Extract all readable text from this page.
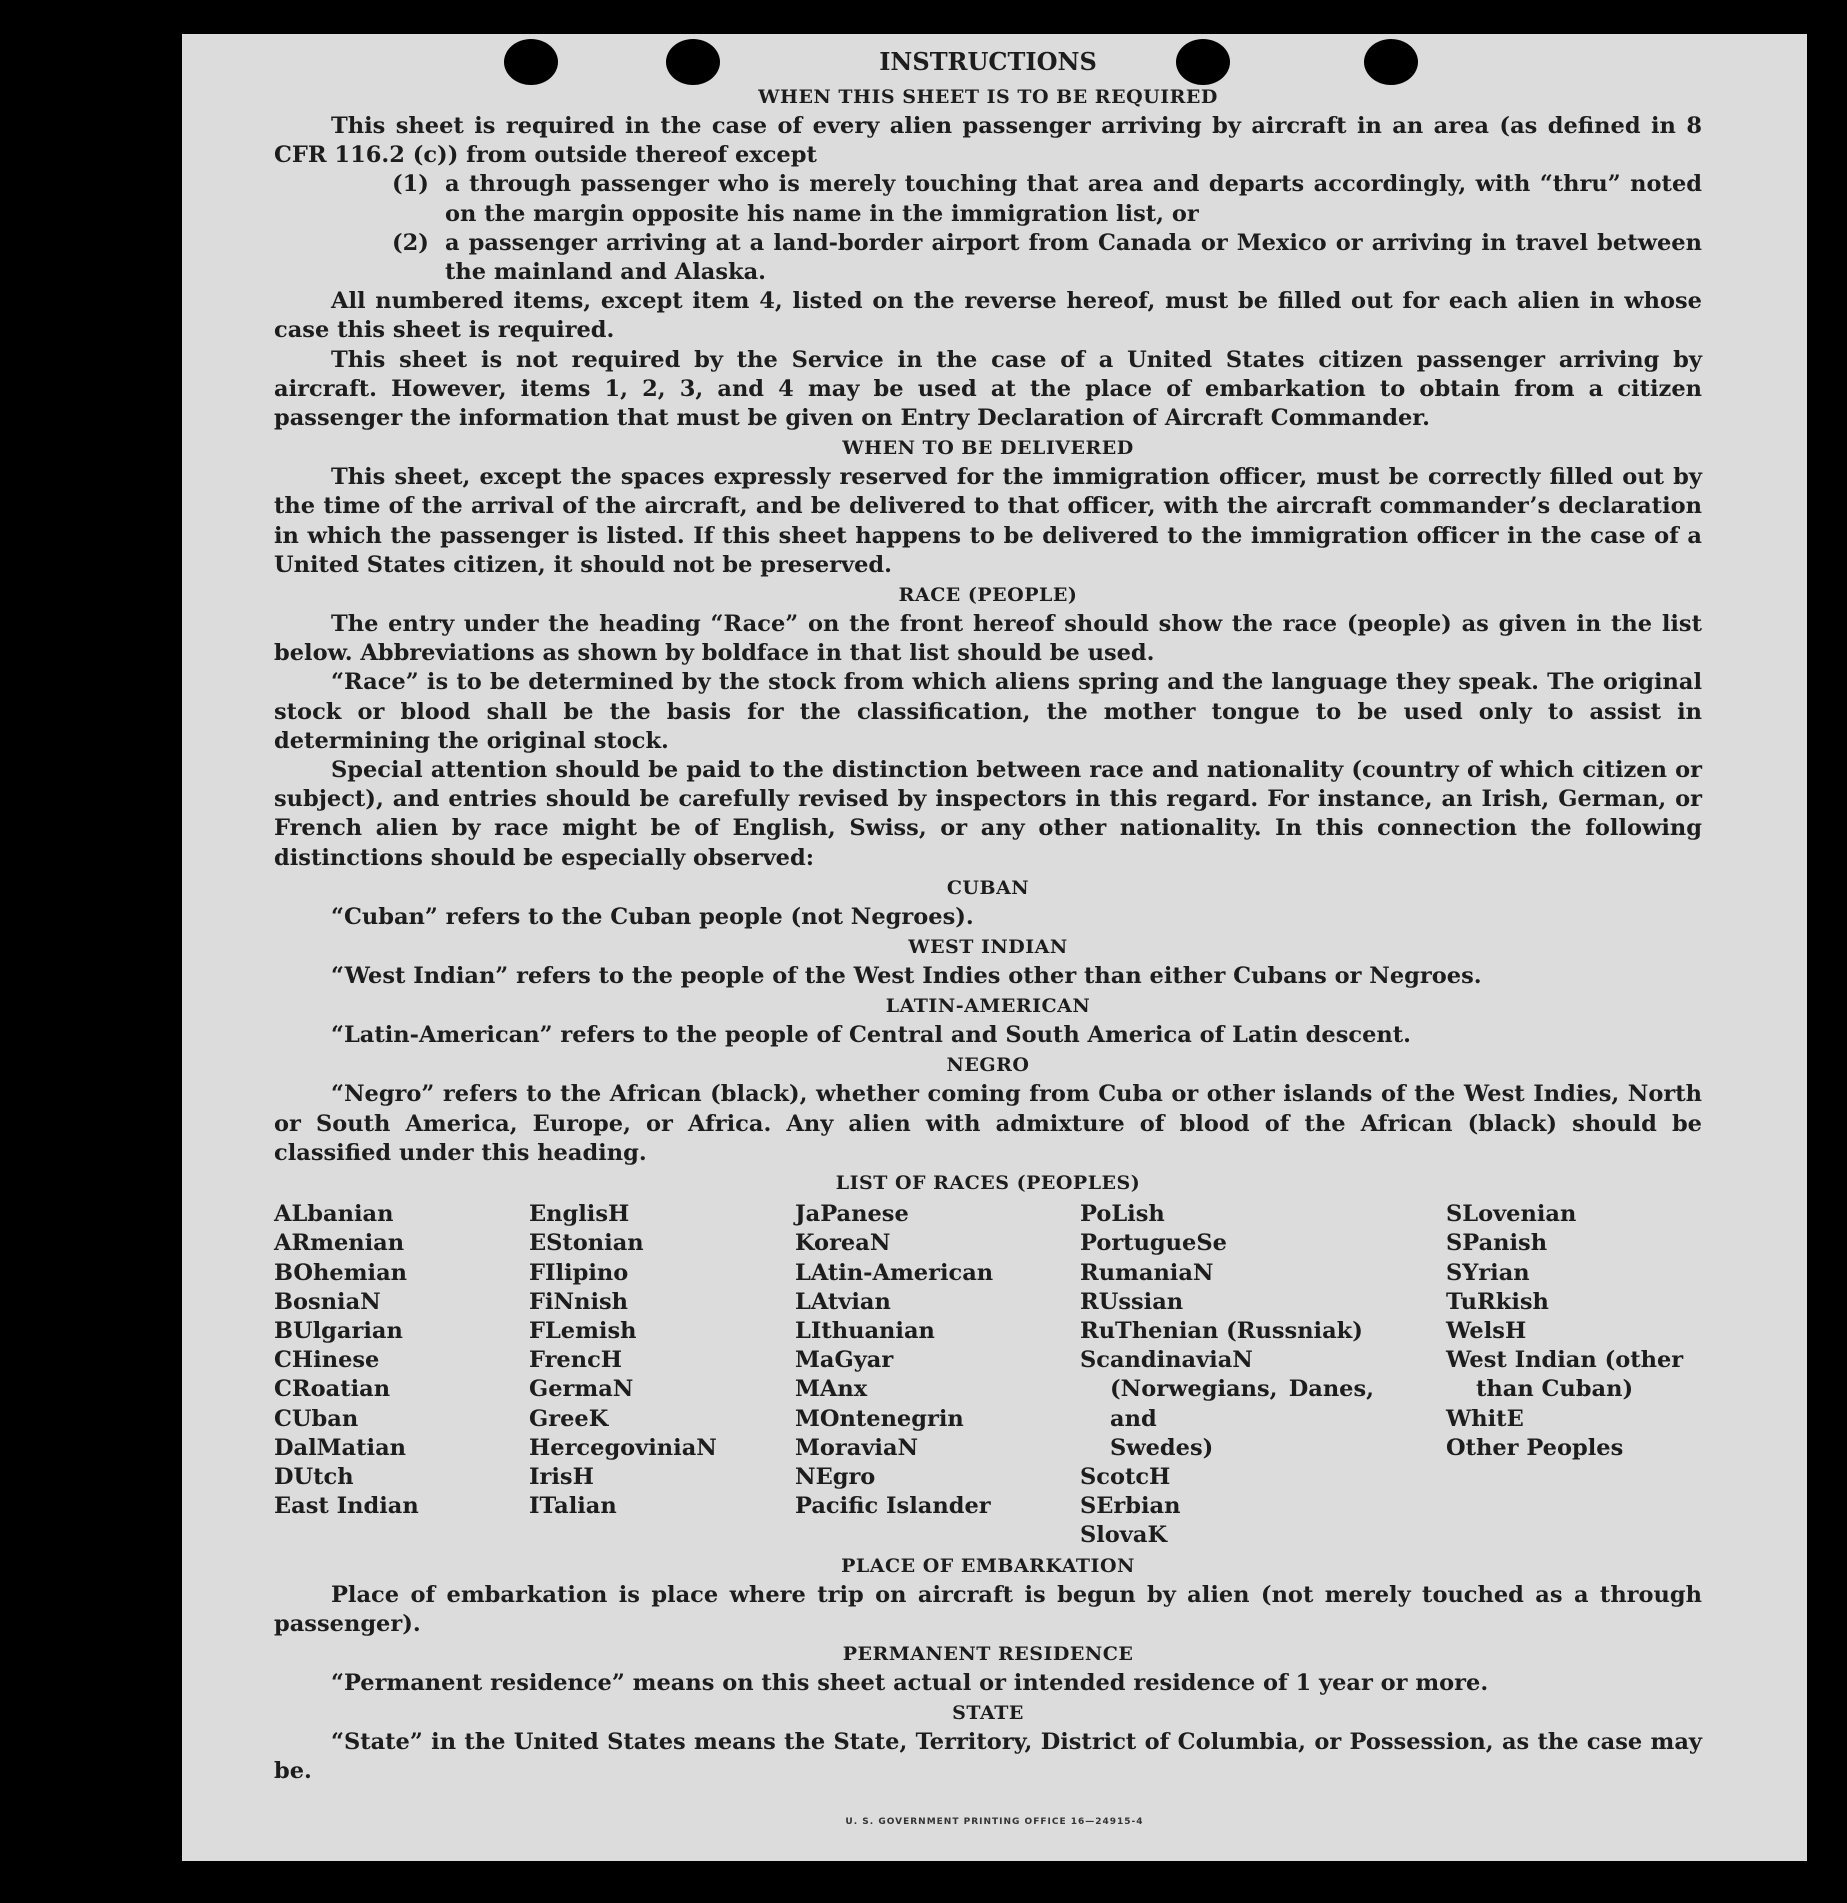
INSTRUCTIONS
WHEN THIS SHEET IS TO BE REQUIRED

This sheet is required in the case of every alien passenger arriving by aircraft in an area (as defined in 8 CFR 116.2 (c)) from outside thereof except

(1) a through passenger who is merely touching that area and departs accordingly, with “thru” noted on the margin opposite his name in the immigration list, or
(2) a passenger arriving at a land-border airport from Canada or Mexico or arriving in travel between the mainland and Alaska.

All numbered items, except item 4, listed on the reverse hereof, must be filled out for each alien in whose case this sheet is required.

This sheet is not required by the Service in the case of a United States citizen passenger arriving by aircraft. However, items 1, 2, 3, and 4 may be used at the place of embarkation to obtain from a citizen passenger the information that must be given on Entry Declaration of Aircraft Commander.

WHEN TO BE DELIVERED

This sheet, except the spaces expressly reserved for the immigration officer, must be correctly filled out by the time of the arrival of the aircraft, and be delivered to that officer, with the aircraft commander’s declaration in which the passenger is listed. If this sheet happens to be delivered to the immigration officer in the case of a United States citizen, it should not be preserved.

RACE (PEOPLE)

The entry under the heading “Race” on the front hereof should show the race (people) as given in the list below. Abbreviations as shown by boldface in that list should be used.

“Race” is to be determined by the stock from which aliens spring and the language they speak. The original stock or blood shall be the basis for the classification, the mother tongue to be used only to assist in determining the original stock.

Special attention should be paid to the distinction between race and nationality (country of which citizen or subject), and entries should be carefully revised by inspectors in this regard. For instance, an Irish, German, or French alien by race might be of English, Swiss, or any other nationality. In this connection the following distinctions should be especially observed:

CUBAN

“Cuban” refers to the Cuban people (not Negroes).

WEST INDIAN

“West Indian” refers to the people of the West Indies other than either Cubans or Negroes.

LATIN-AMERICAN

“Latin-American” refers to the people of Central and South America of Latin descent.

NEGRO

“Negro” refers to the African (black), whether coming from Cuba or other islands of the West Indies, North or South America, Europe, or Africa. Any alien with admixture of blood of the African (black) should be classified under this heading.

LIST OF RACES (PEOPLES)
ALbanian
ARmenian
BOhemian
BosniaN
BUlgarian
CHinese
CRoatian
CUban
DalMatian
DUtch
East Indian
EnglisH
EStonian
FIlipino
FiNnish
FLemish
FrencH
GermaN
GreeK
HercegoviniaN
IrisH
ITalian
JaPanese
KoreaN
LAtin-American
LAtvian
LIthuanian
MaGyar
MAnx
MOntenegrin
MoraviaN
NEgro
Pacific Islander
PoLish
PortugueSe
RumaniaN
RUssian
RuThenian (Russniak)
ScandinaviaN (Norwegians, Danes, and
Swedes)
ScotcH
SErbian
SlovaK
SLovenian
SPanish
SYrian
TuRkish
WelsH
West Indian (other than Cuban)
WhitE
Other Peoples
PLACE OF EMBARKATION

Place of embarkation is place where trip on aircraft is begun by alien (not merely touched as a through passenger).

PERMANENT RESIDENCE

“Permanent residence” means on this sheet actual or intended residence of 1 year or more.

STATE

“State” in the United States means the State, Territory, District of Columbia, or Possession, as the case may be.

U. S. GOVERNMENT PRINTING OFFICE 16—24915-4
